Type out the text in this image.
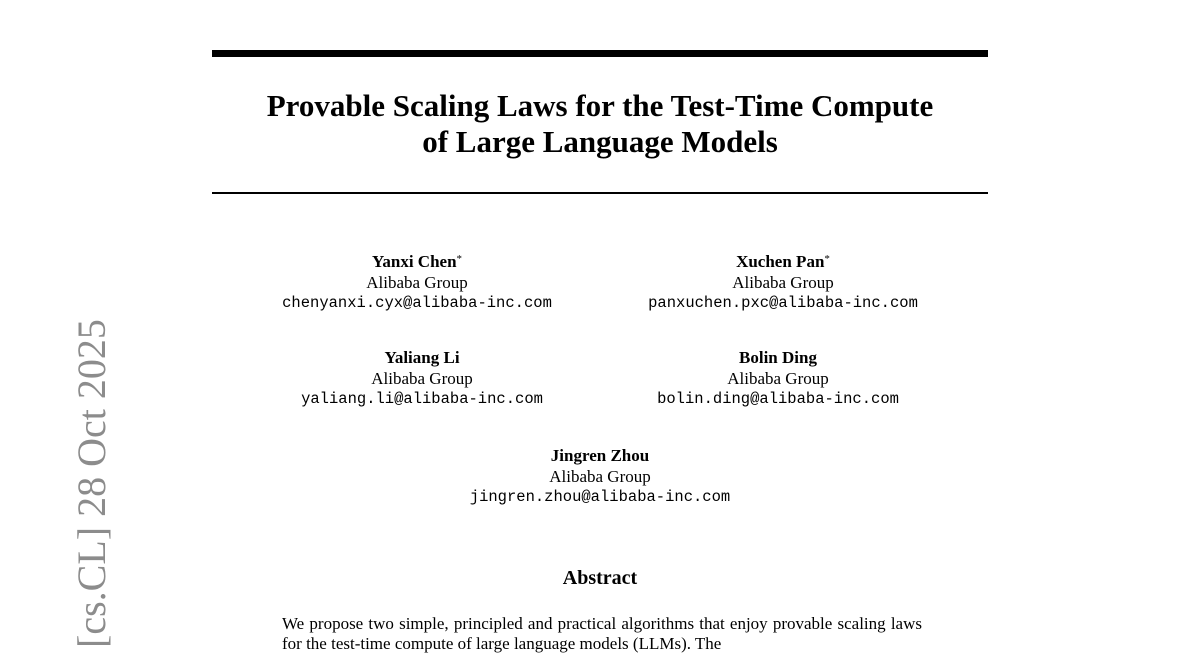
Provable Scaling Laws for the Test-Time Compute
of Large Language Models
Yanxi Chen*
Alibaba Group
chenyanxi.cyx@alibaba-inc.com
Xuchen Pan*
Alibaba Group
panxuchen.pxc@alibaba-inc.com
Yaliang Li
Alibaba Group
yaliang.li@alibaba-inc.com
Bolin Ding
Alibaba Group
bolin.ding@alibaba-inc.com
Jingren Zhou
Alibaba Group
jingren.zhou@alibaba-inc.com
Abstract
We propose two simple, principled and practical algorithms that enjoy provable scaling laws for the test-time compute of large language models (LLMs). The
[cs.CL] 28 Oct 2025
